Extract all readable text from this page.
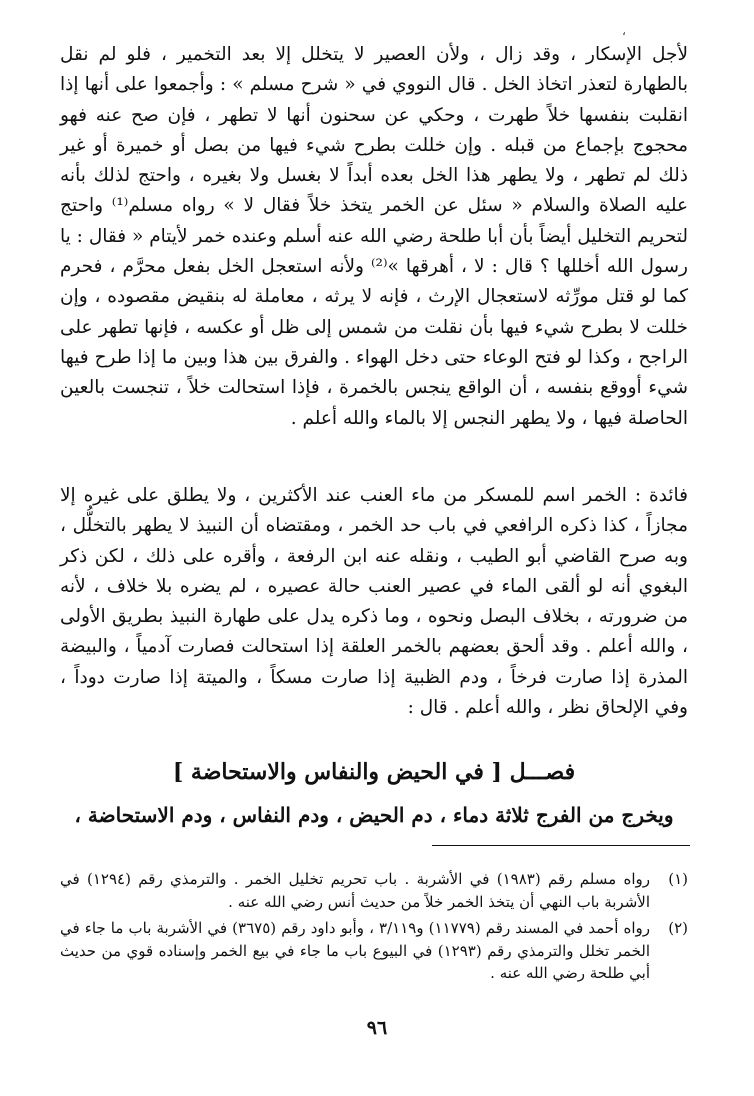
،

لأجل الإسكار ، وقد زال ، ولأن العصير لا يتخلل إلا بعد التخمير ، فلو لم نقل بالطهارة لتعذر اتخاذ الخل . قال النووي في « شرح مسلم » : وأجمعوا على أنها إذا انقلبت بنفسها خلاً طهرت ، وحكي عن سحنون أنها لا تطهر ، فإن صح عنه فهو محجوج بإجماع من قبله . وإن خللت بطرح شيء فيها من بصل أو خميرة أو غير ذلك لم تطهر ، ولا يطهر هذا الخل بعده أبداً لا بغسل ولا بغيره ، واحتج لذلك بأنه عليه الصلاة والسلام « سئل عن الخمر يتخذ خلاً فقال لا » رواه مسلم⁽¹⁾ واحتج لتحريم التخليل أيضاً بأن أبا طلحة رضي الله عنه أسلم وعنده خمر لأيتام « فقال : يا رسول الله أخللها ؟ قال : لا ، أهرقها »⁽²⁾ ولأنه استعجل الخل بفعل محرَّم ، فحرم كما لو قتل مورِّثه لاستعجال الإرث ، فإنه لا يرثه ، معاملة له بنقيض مقصوده ، وإن خللت لا بطرح شيء فيها بأن نقلت من شمس إلى ظل أو عكسه ، فإنها تطهر على الراجح ، وكذا لو فتح الوعاء حتى دخل الهواء . والفرق بين هذا وبين ما إذا طرح فيها شيء أووقع بنفسه ، أن الواقع ينجس بالخمرة ، فإذا استحالت خلاً ، تنجست بالعين الحاصلة فيها ، ولا يطهر النجس إلا بالماء والله أعلم .

فائدة : الخمر اسم للمسكر من ماء العنب عند الأكثرين ، ولا يطلق على غيره إلا مجازاً ، كذا ذكره الرافعي في باب حد الخمر ، ومقتضاه أن النبيذ لا يطهر بالتخلُّل ، وبه صرح القاضي أبو الطيب ، ونقله عنه ابن الرفعة ، وأقره على ذلك ، لكن ذكر البغوي أنه لو ألقى الماء في عصير العنب حالة عصيره ، لم يضره بلا خلاف ، لأنه من ضرورته ، بخلاف البصل ونحوه ، وما ذكره يدل على طهارة النبيذ بطريق الأولى ، والله أعلم . وقد ألحق بعضهم بالخمر العلقة إذا استحالت فصارت آدمياً ، والبيضة المذرة إذا صارت فرخاً ، ودم الظبية إذا صارت مسكاً ، والميتة إذا صارت دوداً ، وفي الإلحاق نظر ، والله أعلم . قال :

فصـــل [ في الحيض والنفاس والاستحاضة ]

ويخرج من الفرج ثلاثة دماء ، دم الحيض ، ودم النفاس ، ودم الاستحاضة ،

(١)
رواه مسلم رقم (١٩٨٣) في الأشربة . باب تحريم تخليل الخمر . والترمذي رقم (١٢٩٤) في الأشربة باب النهي أن يتخذ الخمر خلاً من حديث أنس رضي الله عنه .
(٢)
رواه أحمد في المسند رقم (١١٧٧٩) و٣/١١٩ ، وأبو داود رقم (٣٦٧٥) في الأشربة باب ما جاء في الخمر تخلل والترمذي رقم (١٢٩٣) في البيوع باب ما جاء في بيع الخمر وإسناده قوي من حديث أبي طلحة رضي الله عنه .
٩٦
